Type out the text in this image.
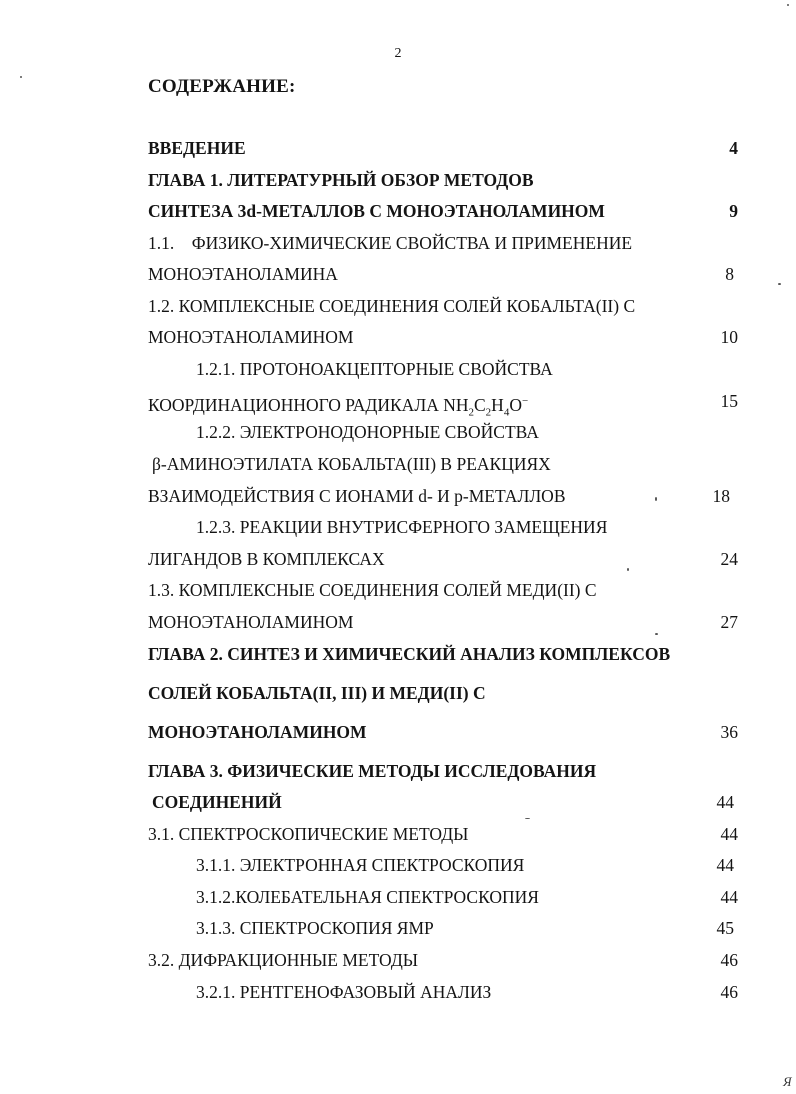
2
СОДЕРЖАНИЕ:
ВВЕДЕНИЕ	4
ГЛАВА 1. ЛИТЕРАТУРНЫЙ ОБЗОР МЕТОДОВ
СИНТЕЗА 3d-МЕТАЛЛОВ С МОНОЭТАНОЛАМИНОМ	9
1.1.    ФИЗИКО-ХИМИЧЕСКИЕ СВОЙСТВА И ПРИМЕНЕНИЕ
МОНОЭТАНОЛАМИНА	8
1.2. КОМПЛЕКСНЫЕ СОЕДИНЕНИЯ СОЛЕЙ КОБАЛЬТА(II) С
МОНОЭТАНОЛАМИНОМ	10
1.2.1. ПРОТОНОАКЦЕПТОРНЫЕ СВОЙСТВА
КООРДИНАЦИОННОГО РАДИКАЛА $NH_2C_2H_4O^-$	15
1.2.2. ЭЛЕКТРОНОДОНОРНЫЕ СВОЙСТВА
β-АМИНОЭТИЛАТА КОБАЛЬТА(III) В РЕАКЦИЯХ
ВЗАИМОДЕЙСТВИЯ С ИОНАМИ d- И p-МЕТАЛЛОВ	18
1.2.3. РЕАКЦИИ ВНУТРИСФЕРНОГО ЗАМЕЩЕНИЯ
ЛИГАНДОВ В КОМПЛЕКСАХ	24
1.3. КОМПЛЕКСНЫЕ СОЕДИНЕНИЯ СОЛЕЙ МЕДИ(II) С
МОНОЭТАНОЛАМИНОМ	27
ГЛАВА 2. СИНТЕЗ И ХИМИЧЕСКИЙ АНАЛИЗ КОМПЛЕКСОВ
СОЛЕЙ КОБАЛЬТА(II, III) И МЕДИ(II) С
МОНОЭТАНОЛАМИНОМ	36
ГЛАВА 3. ФИЗИЧЕСКИЕ МЕТОДЫ ИССЛЕДОВАНИЯ
СОЕДИНЕНИЙ	44
3.1. СПЕКТРОСКОПИЧЕСКИЕ МЕТОДЫ	44
3.1.1. ЭЛЕКТРОННАЯ СПЕКТРОСКОПИЯ	44
3.1.2.КОЛЕБАТЕЛЬНАЯ СПЕКТРОСКОПИЯ	44
3.1.3. СПЕКТРОСКОПИЯ ЯМР	45
3.2. ДИФРАКЦИОННЫЕ МЕТОДЫ	46
3.2.1. РЕНТГЕНОФАЗОВЫЙ АНАЛИЗ	46
Я
